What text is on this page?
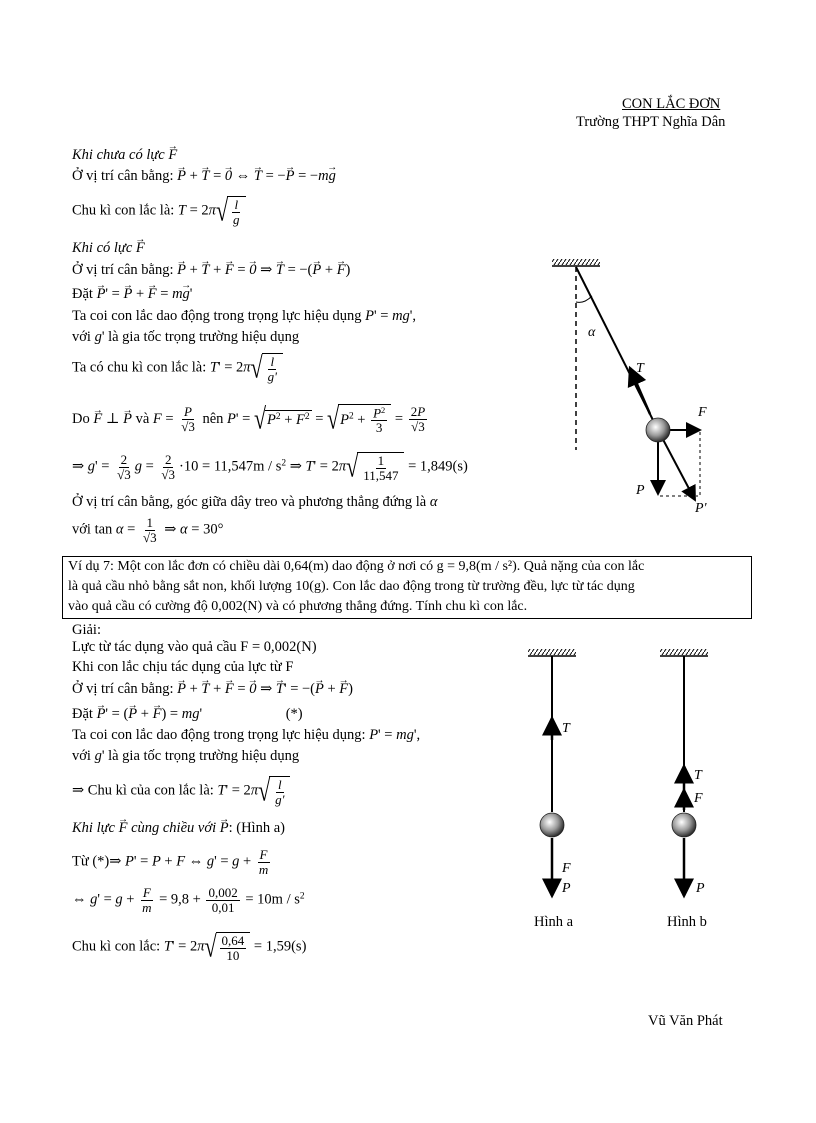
CON LẮC ĐƠN
Trường THPT Nghĩa Dân
Khi chưa có lực → F
Ở vị trí cân bằng: → P + → T = → 0 ⇔ → T = −→ P = −m→ g
Chu kì con lắc là: T = 2π √ $\frac{l}{g}$
Khi có lực → F
Ở vị trí cân bằng: → P + → T + → F = → 0 ⇒ → T = −(→ P + → F)
Đặt → P' = → P + → F = m→ g'
Ta coi con lắc dao động trong trọng lực hiệu dụng P' = mg',
với g' là gia tốc trọng trường hiệu dụng
Ta có chu kì con lắc là: T' = 2π √ $\frac{l}{g'}$
Do → F ⊥ → P và $F = \frac{P}{√3}$ nên P' = √ $P^2 + F^2$ = √ $P^2 + \frac{P^2}{3} = \frac{2P}{√3}$
⇒ $g' = \frac{2}{√3}$ $g = \frac{2}{√3} \cdot 10 = 11,547m / s^2$ ⇒ T' = 2π √ $\frac{1}{11,547} = 1,849(s)$
Ở vị trí cân bằng, góc giữa dây treo và phương thẳng đứng là α
với $\tan \alpha = \frac{1}{√3}$ ⇒ α = 30°
α
T
F
P
P'
Ví dụ 7: Một con lắc đơn có chiều dài 0,64(m) dao động ở nơi có g = 9,8(m / s²). Quả nặng của con lắc
là quả cầu nhỏ bằng sắt non, khối lượng 10(g). Con lắc dao động trong từ trường đều, lực từ tác dụng
vào quả cầu có cường độ 0,002(N) và có phương thẳng đứng. Tính chu kì con lắc.
Giải:
Lực từ tác dụng vào quả cầu F = 0,002(N)
Khi con lắc chịu tác dụng của lực từ F
Ở vị trí cân bằng: → P + → T + → F = → 0 ⇒ → T' = −(→ P + → F)
Đặt → P' = (→ P + → F) = mg'	(*)
Ta coi con lắc dao động trong trọng lực hiệu dụng: P' = mg',
với g' là gia tốc trọng trường hiệu dụng
⇒ Chu kì của con lắc là: T' = 2π √ $\frac{l}{g'}$
Khi lực → F cùng chiều với → P: (Hình a)
Từ (*)⇒ P' = P + F ⇔ $g' = g + \frac{F}{m}$
⇔ $g' = g + \frac{F}{m} = 9,8 + \frac{0,002}{0,01} = 10m / s^2$
Chu kì con lắc: T' = 2π √ $\frac{0,64}{10} = 1,59(s)$
T
F
P
T
F
P
Hình a	Hình b
Vũ Văn Phát
